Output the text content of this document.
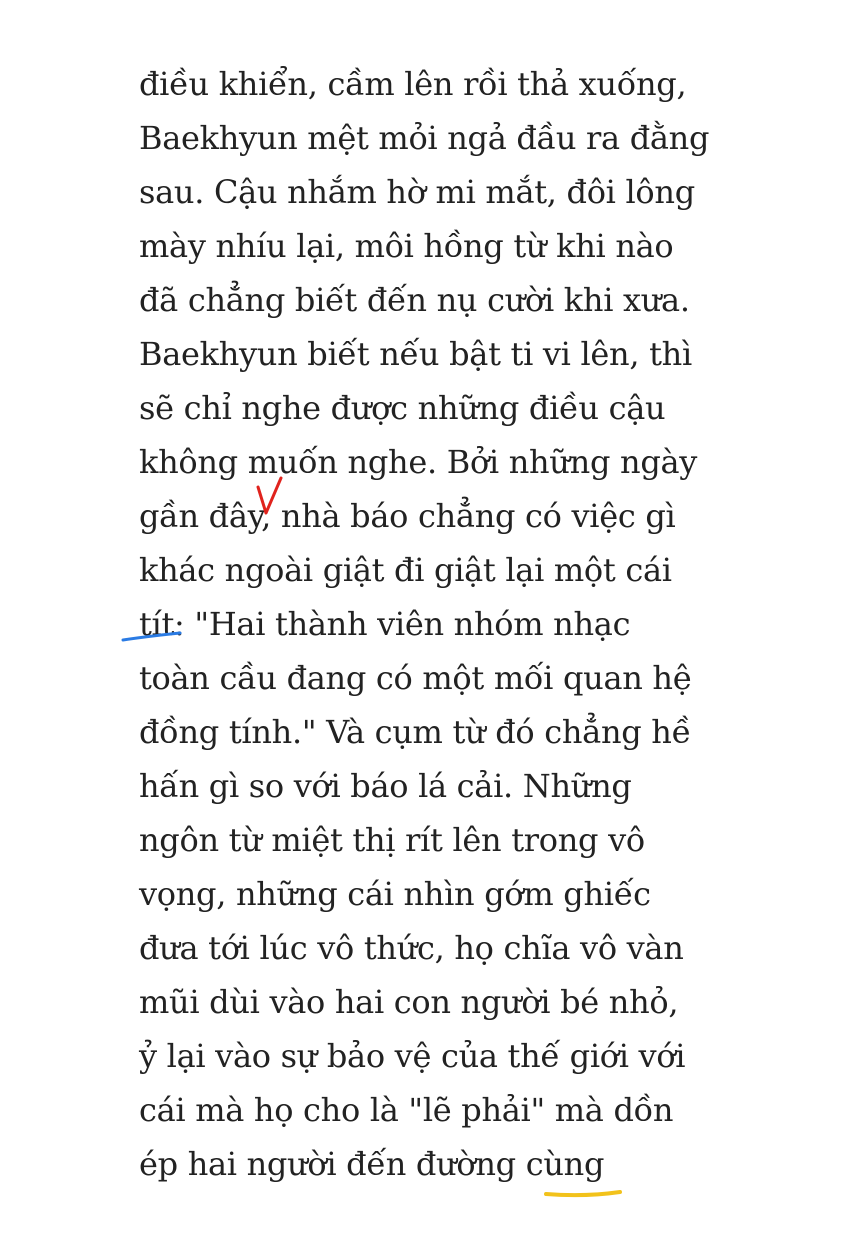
điều khiển, cầm lên rồi thả xuống,
Baekhyun mệt mỏi ngả đầu ra đằng
sau. Cậu nhắm hờ mi mắt, đôi lông
mày nhíu lại, môi hồng từ khi nào
đã chẳng biết đến nụ cười khi xưa.
Baekhyun biết nếu bật ti vi lên, thì
sẽ chỉ nghe được những điều cậu
không muốn nghe. Bởi những ngày
gần đây, nhà báo chẳng có việc gì
khác ngoài giật đi giật lại một cái
tít: "Hai thành viên nhóm nhạc
toàn cầu đang có một mối quan hệ
đồng tính." Và cụm từ đó chẳng hề
hấn gì so với báo lá cải. Những
ngôn từ miệt thị rít lên trong vô
vọng, những cái nhìn gớm ghiếc
đưa tới lúc vô thức, họ chĩa vô vàn
mũi dùi vào hai con người bé nhỏ,
ỷ lại vào sự bảo vệ của thế giới với
cái mà họ cho là "lẽ phải" mà dồn
ép hai người đến đường cùng
